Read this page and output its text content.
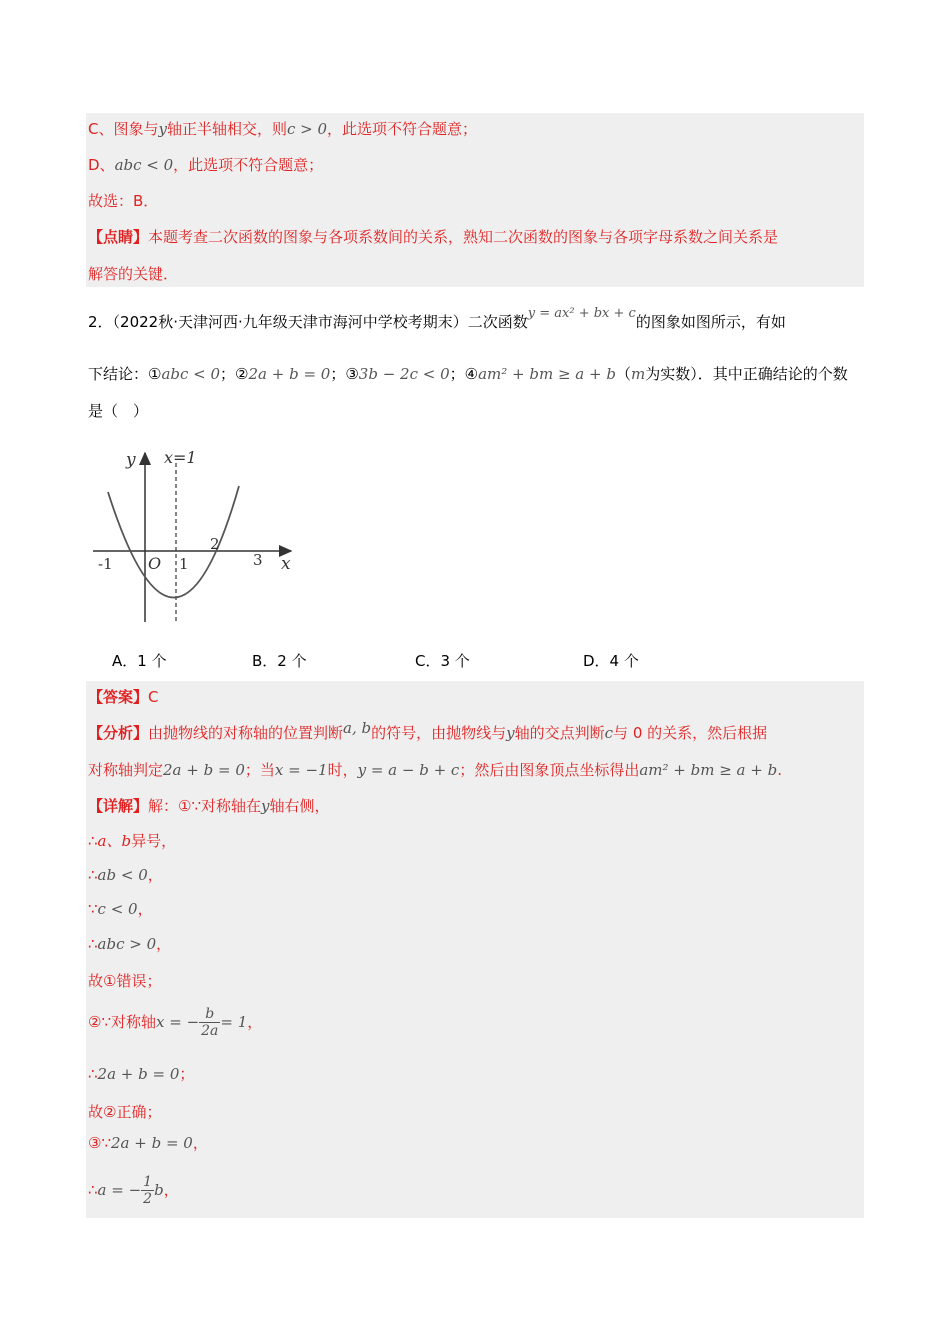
C、图象与y轴正半轴相交，则c > 0，此选项不符合题意；
D、abc < 0，此选项不符合题意；
故选：B．
【点睛】本题考查二次函数的图象与各项系数间的关系，熟知二次函数的图象与各项字母系数之间关系是
解答的关键．
2．（2022秋·天津河西·九年级天津市海河中学校考期末）二次函数y = ax² + bx + c的图象如图所示，有如
下结论：①abc < 0；②2a + b = 0；③3b − 2c < 0；④am² + bm ≥ a + b（m为实数）．其中正确结论的个数
是（　）
y x=1
O	x
-1	1
2
3
A．1 个	B．2 个	C．3 个	D．4 个
【答案】C
【分析】由抛物线的对称轴的位置判断a, b的符号，由抛物线与y轴的交点判断c与 0 的关系，然后根据
对称轴判定2a + b = 0；当x = −1时，y = a − b + c；然后由图象顶点坐标得出am² + bm ≥ a + b.
【详解】解：①∵对称轴在y轴右侧，
∴a、b异号，
∴ab < 0，
∵c < 0，
∴abc > 0，
故①错误；
②∵对称轴x = − $\frac{b}{2a} = 1$，
∴2a + b = 0；
故②正确；
③∵2a + b = 0，
∴a = − $\frac{1}{2}$ b，
